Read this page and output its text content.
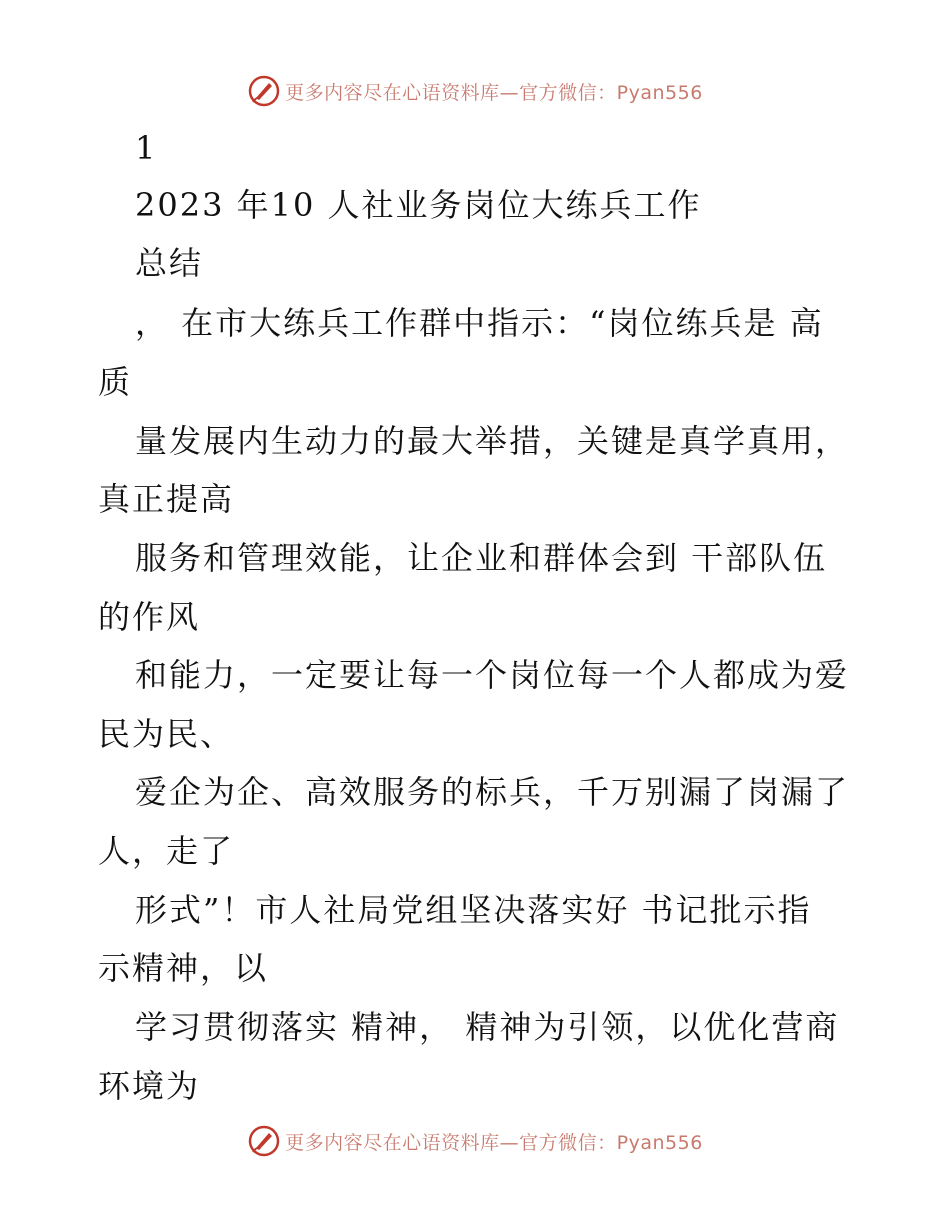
更多内容尽在心语资料库—官方微信：Pyan556
1
2023 年10 人社业务岗位大练兵工作
总结
， 在市大练兵工作群中指示：“岗位练兵是 高
质
量发展内生动力的最大举措，关键是真学真用，
真正提高
服务和管理效能，让企业和群体会到 干部队伍
的作风
和能力，一定要让每一个岗位每一个人都成为爱
民为民、
爱企为企、高效服务的标兵，千万别漏了岗漏了
人，走了
形式”！市人社局党组坚决落实好 书记批示指
示精神，以
学习贯彻落实 精神， 精神为引领，以优化营商
环境为
更多内容尽在心语资料库—官方微信：Pyan556
